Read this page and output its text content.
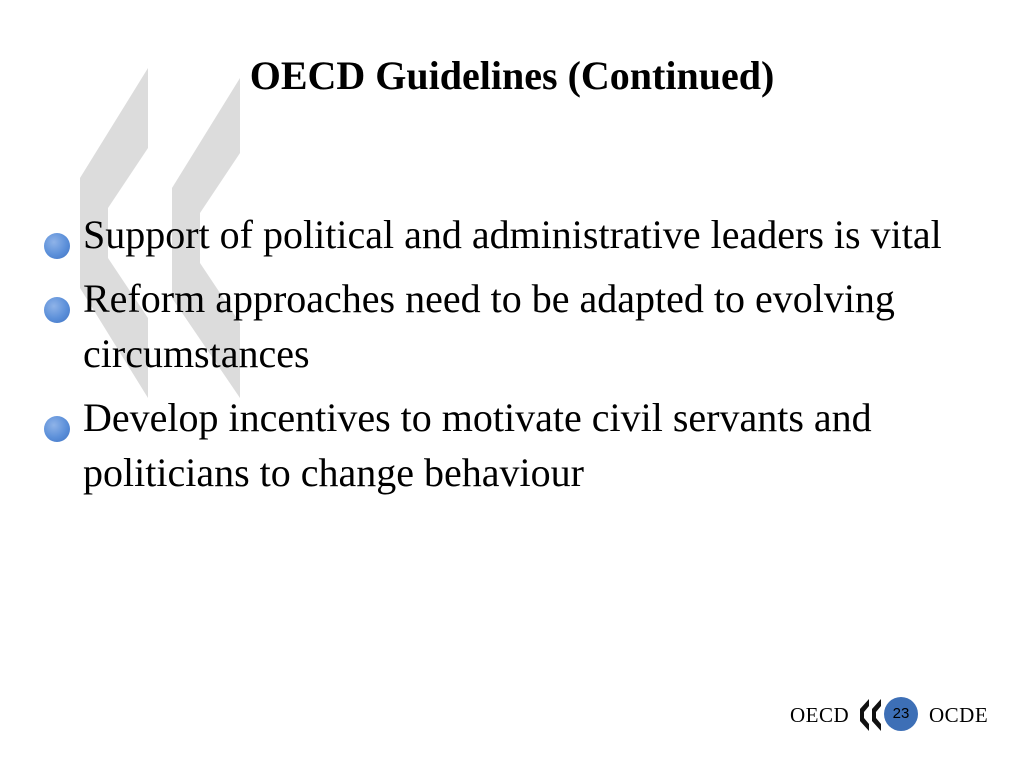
OECD Guidelines (Continued)
Support of political and administrative leaders is vital
Reform approaches need to be adapted to evolving circumstances
Develop incentives to motivate civil servants and politicians to change behaviour
OECD	23 OCDE
